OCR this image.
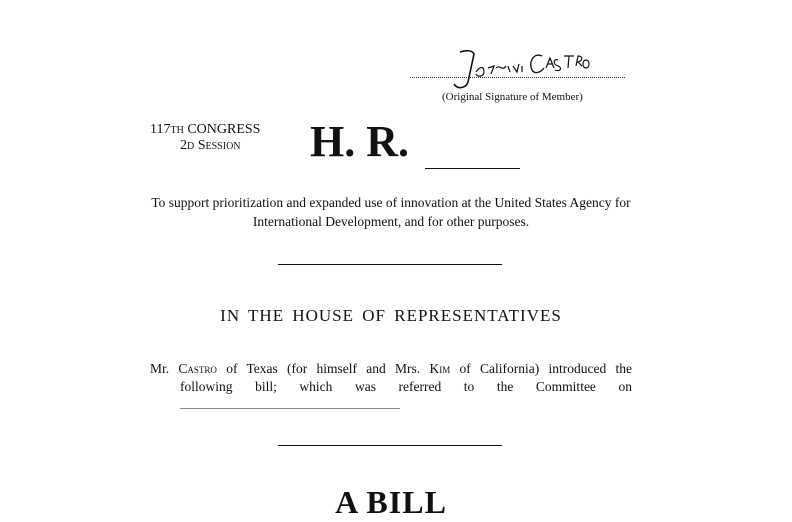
(Original Signature of Member)
117th CONGRESS
2d Session	H. R.
To support prioritization and expanded use of innovation at the United States Agency for International Development, and for other purposes.
IN THE HOUSE OF REPRESENTATIVES
Mr. Castro of Texas (for himself and Mrs. Kim of California) introduced the
following bill; which was referred to the Committee on
A BILL
